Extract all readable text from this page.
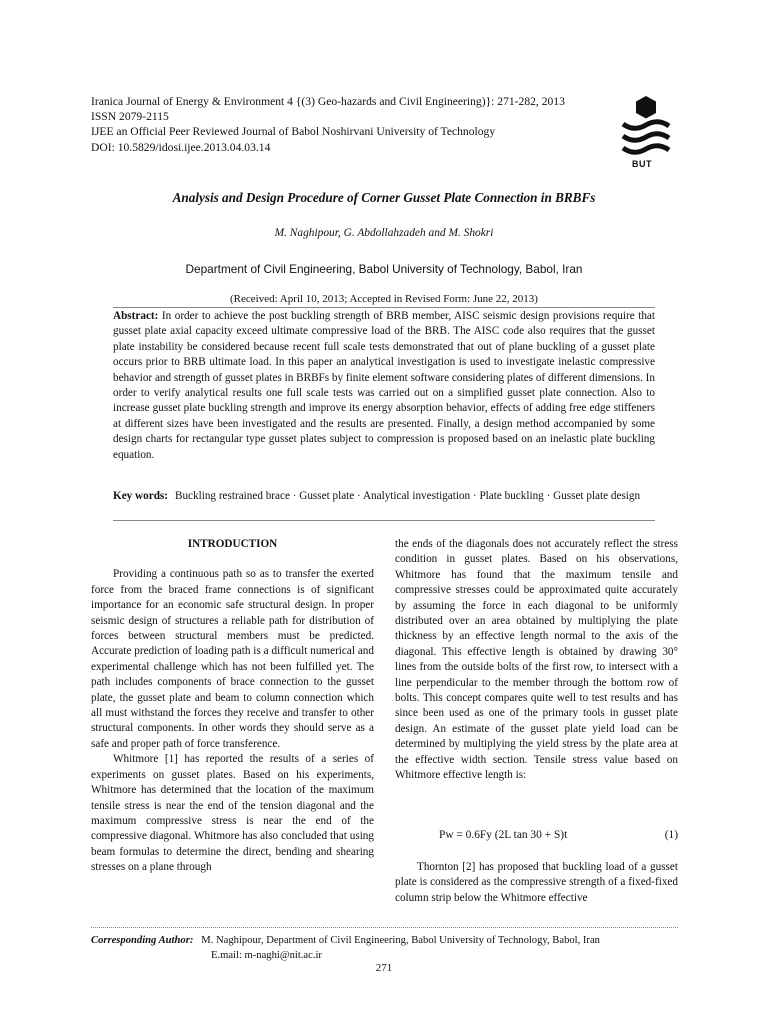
Iranica Journal of Energy & Environment 4 {(3) Geo-hazards and Civil Engineering)}: 271-282, 2013
ISSN 2079-2115
IJEE an Official Peer Reviewed Journal of Babol Noshirvani University of Technology
DOI: 10.5829/idosi.ijee.2013.04.03.14
BUT
Analysis and Design Procedure of Corner Gusset Plate Connection in BRBFs
M. Naghipour, G. Abdollahzadeh and M. Shokri
Department of Civil Engineering, Babol University of Technology, Babol, Iran
(Received: April 10, 2013; Accepted in Revised Form: June 22, 2013)
Abstract: In order to achieve the post buckling strength of BRB member, AISC seismic design provisions require that gusset plate axial capacity exceed ultimate compressive load of the BRB. The AISC code also requires that the gusset plate instability be considered because recent full scale tests demonstrated that out of plane buckling of a gusset plate occurs prior to BRB ultimate load. In this paper an analytical investigation is used to investigate inelastic compressive behavior and strength of gusset plates in BRBFs by finite element software considering plates of different dimensions. In order to verify analytical results one full scale tests was carried out on a simplified gusset plate connection. Also to increase gusset plate buckling strength and improve its energy absorption behavior, effects of adding free edge stiffeners at different sizes have been investigated and the results are presented. Finally, a design method accompanied by some design charts for rectangular type gusset plates subject to compression is proposed based on an inelastic plate buckling equation.
Key words: Buckling restrained brace · Gusset plate · Analytical investigation · Plate buckling · Gusset plate design

INTRODUCTION

Providing a continuous path so as to transfer the exerted force from the braced frame connections is of significant importance for an economic safe structural design. In proper seismic design of structures a reliable path for distribution of forces between structural members must be predicted. Accurate prediction of loading path is a difficult numerical and experimental challenge which has not been fulfilled yet. The path includes components of brace connection to the gusset plate, the gusset plate and beam to column connection which all must withstand the forces they receive and transfer to other structural components. In other words they should serve as a safe and proper path of force transference.

Whitmore [1] has reported the results of a series of experiments on gusset plates. Based on his experiments, Whitmore has determined that the location of the maximum tensile stress is near the end of the tension diagonal and the maximum compressive stress is near the end of the compressive diagonal. Whitmore has also concluded that using beam formulas to determine the direct, bending and shearing stresses on a plane through

the ends of the diagonals does not accurately reflect the stress condition in gusset plates. Based on his observations, Whitmore has found that the maximum tensile and compressive stresses could be approximated quite accurately by assuming the force in each diagonal to be uniformly distributed over an area obtained by multiplying the plate thickness by an effective length normal to the axis of the diagonal. This effective length is obtained by drawing 30° lines from the outside bolts of the first row, to intersect with a line perpendicular to the member through the bottom row of bolts. This concept compares quite well to test results and has since been used as one of the primary tools in gusset plate design. An estimate of the gusset plate yield load can be determined by multiplying the yield stress by the plate area at the effective width section. Tensile stress value based on Whitmore effective length is:

Pw = 0.6Fy (2L tan 30 + S)t	(1)

Thornton [2] has proposed that buckling load of a gusset plate is considered as the compressive strength of a fixed-fixed column strip below the Whitmore effective

Corresponding Author: M. Naghipour, Department of Civil Engineering, Babol University of Technology, Babol, Iran
E.mail: m-naghi@nit.ac.ir
271
